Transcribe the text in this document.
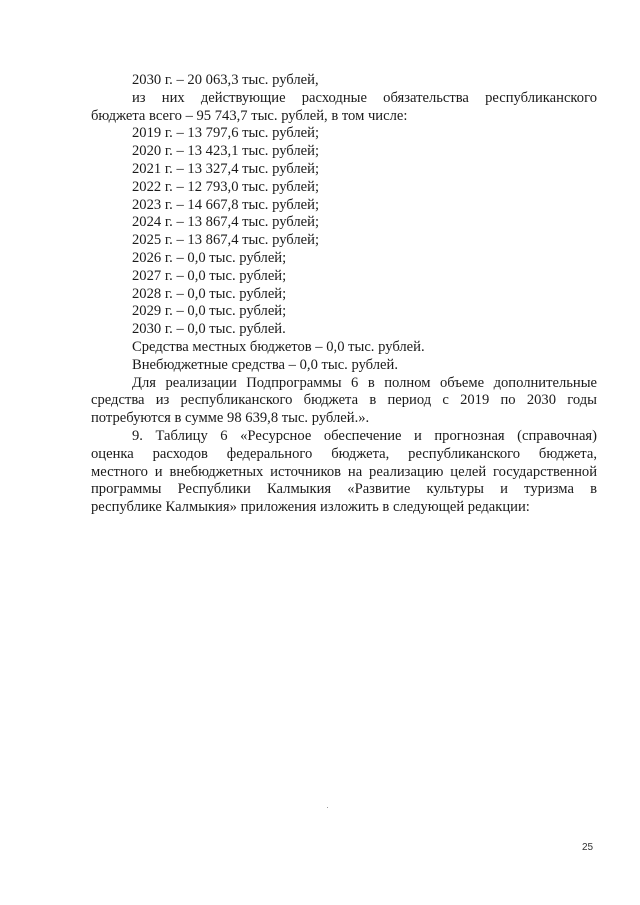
2030 г. – 20 063,3 тыс. рублей,

из них действующие расходные обязательства республиканского

бюджета всего – 95 743,7 тыс. рублей, в том числе:

2019 г. – 13 797,6 тыс. рублей;

2020 г. – 13 423,1 тыс. рублей;

2021 г. – 13 327,4 тыс. рублей;

2022 г. – 12 793,0 тыс. рублей;

2023 г. – 14 667,8 тыс. рублей;

2024 г. – 13 867,4 тыс. рублей;

2025 г. – 13 867,4 тыс. рублей;

2026 г. – 0,0 тыс. рублей;

2027 г. – 0,0 тыс. рублей;

2028 г. – 0,0 тыс. рублей;

2029 г. – 0,0 тыс. рублей;

2030 г. – 0,0 тыс. рублей.

Средства местных бюджетов – 0,0 тыс. рублей.

Внебюджетные средства – 0,0 тыс. рублей.

Для реализации Подпрограммы 6 в полном объеме дополнительные

средства из республиканского бюджета в период с 2019 по 2030 годы

потребуются в сумме 98 639,8 тыс. рублей.».

9. Таблицу 6 «Ресурсное обеспечение и прогнозная (справочная)

оценка расходов федерального бюджета, республиканского бюджета,

местного и внебюджетных источников на реализацию целей государственной

программы Республики Калмыкия «Развитие культуры и туризма в

республике Калмыкия» приложения изложить в следующей редакции:

25
